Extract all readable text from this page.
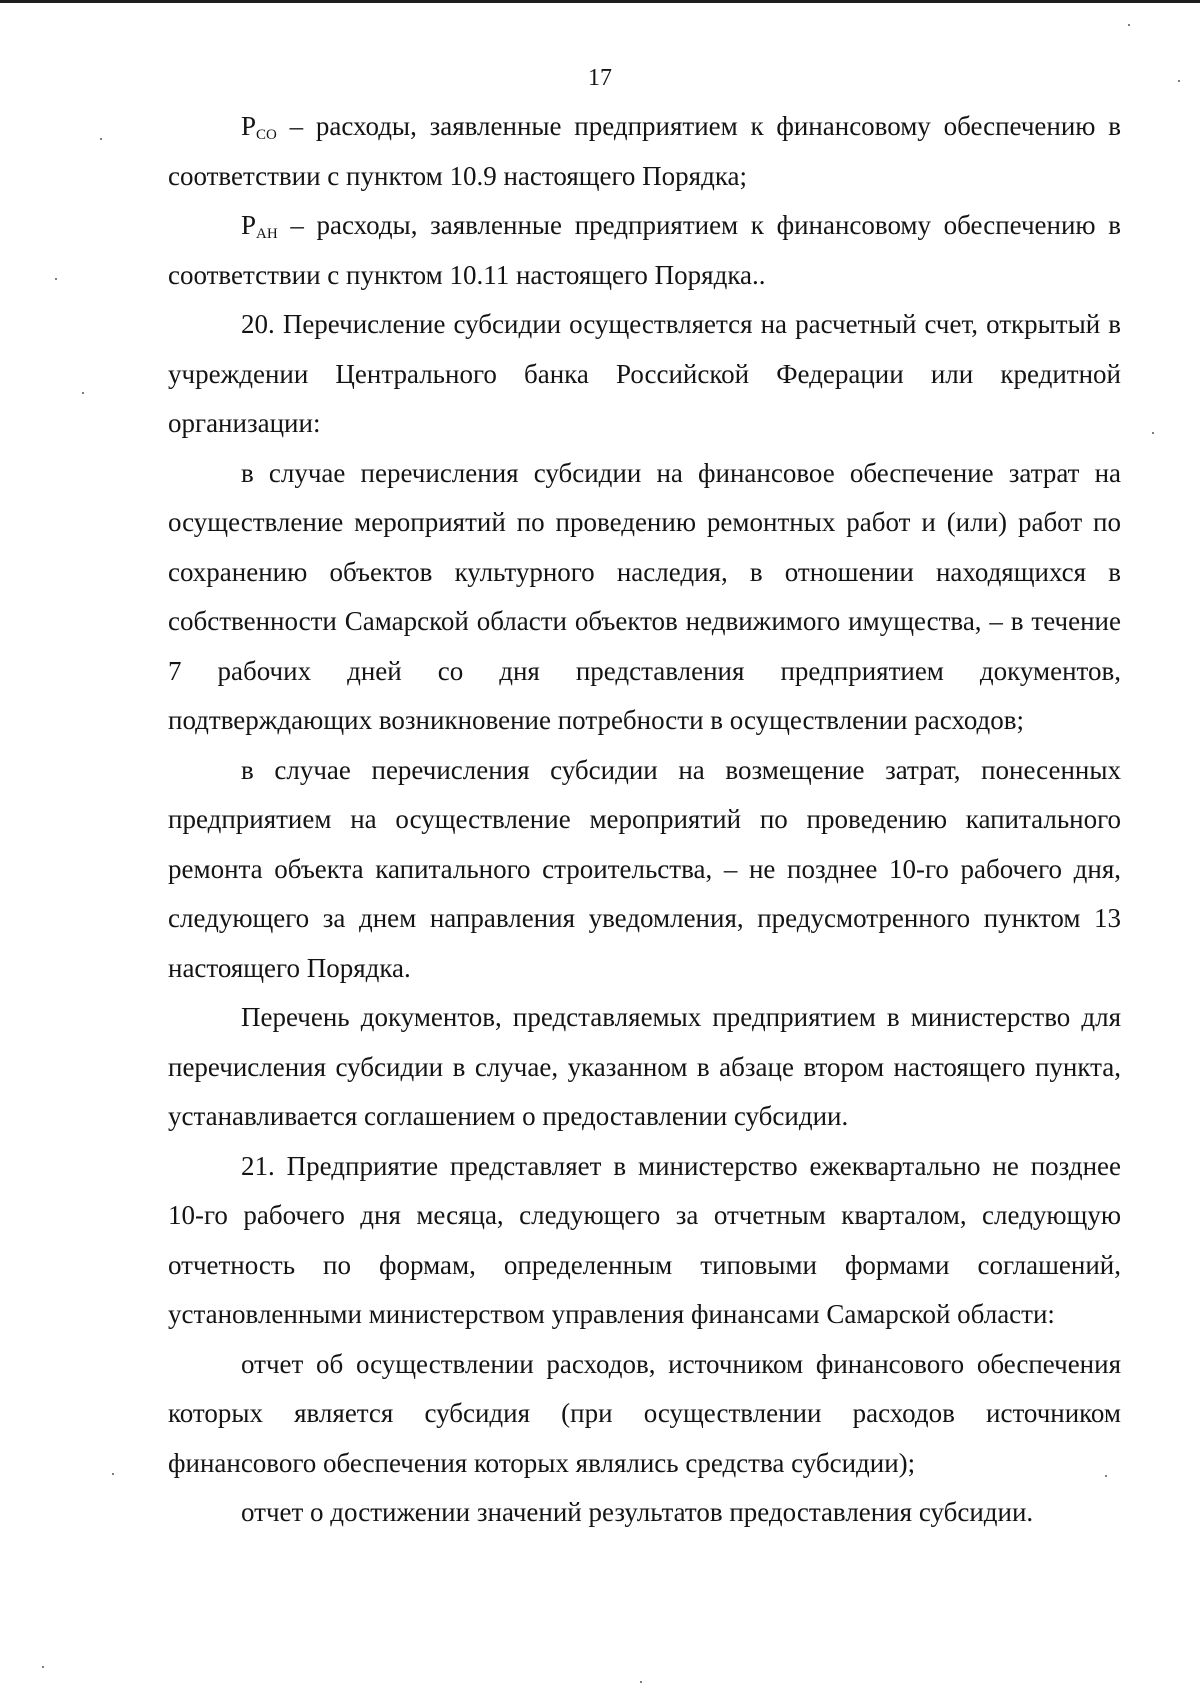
17

$P_{CO}$ – расходы, заявленные предприятием к финансовому обеспечению в соответствии с пунктом 10.9 настоящего Порядка;

$P_{AH}$ – расходы, заявленные предприятием к финансовому обеспечению в соответствии с пунктом 10.11 настоящего Порядка..

20. Перечисление субсидии осуществляется на расчетный счет, открытый в учреждении Центрального банка Российской Федерации или кредитной организации:

в случае перечисления субсидии на финансовое обеспечение затрат на осуществление мероприятий по проведению ремонтных работ и (или) работ по сохранению объектов культурного наследия, в отношении находящихся в собственности Самарской области объектов недвижимого имущества, – в течение 7 рабочих дней со дня представления предприятием документов, подтверждающих возникновение потребности в осуществлении расходов;

в случае перечисления субсидии на возмещение затрат, понесенных предприятием на осуществление мероприятий по проведению капитального ремонта объекта капитального строительства, – не позднее 10-го рабочего дня, следующего за днем направления уведомления, предусмотренного пунктом 13 настоящего Порядка.

Перечень документов, представляемых предприятием в министерство для перечисления субсидии в случае, указанном в абзаце втором настоящего пункта, устанавливается соглашением о предоставлении субсидии.

21. Предприятие представляет в министерство ежеквартально не позднее 10-го рабочего дня месяца, следующего за отчетным кварталом, следующую отчетность по формам, определенным типовыми формами соглашений, установленными министерством управления финансами Самарской области:

отчет об осуществлении расходов, источником финансового обеспечения которых является субсидия (при осуществлении расходов источником финансового обеспечения которых являлись средства субсидии);

отчет о достижении значений результатов предоставления субсидии.
